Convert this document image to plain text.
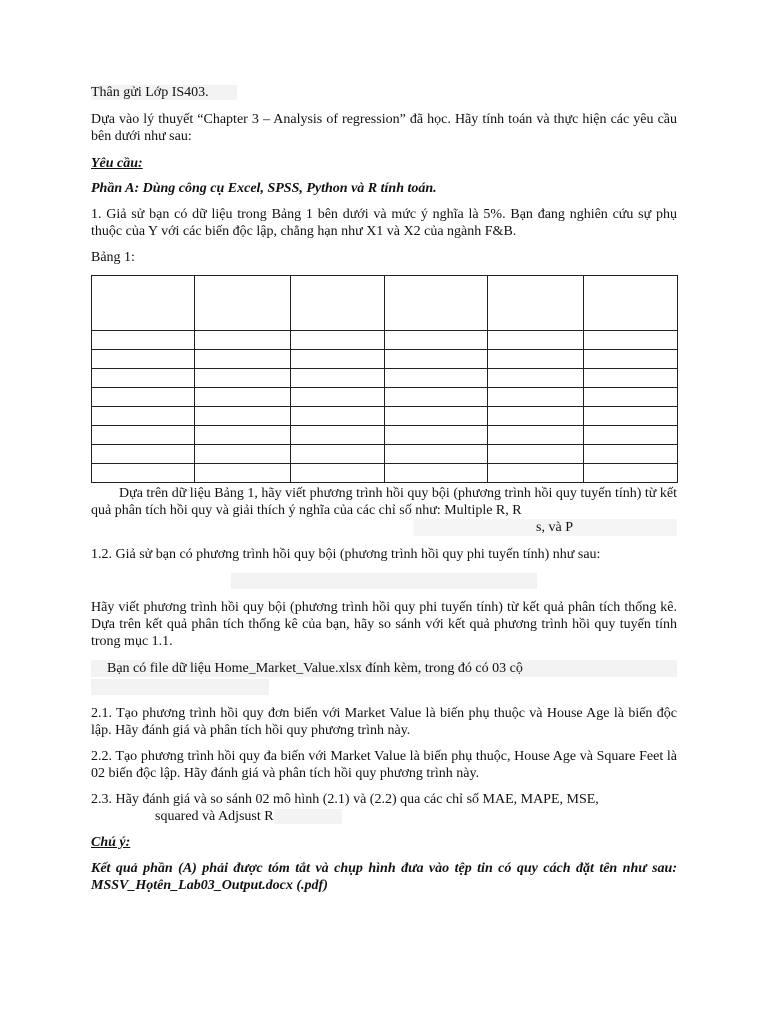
Thân gửi Lớp IS403.

Dựa vào lý thuyết “Chapter 3 – Analysis of regression” đã học. Hãy tính toán và thực hiện các yêu cầu bên dưới như sau:

Yêu cầu:

Phần A: Dùng công cụ Excel, SPSS, Python và R tính toán.

1. Giả sử bạn có dữ liệu trong Bảng 1 bên dưới và mức ý nghĩa là 5%. Bạn đang nghiên cứu sự phụ thuộc của Y với các biến độc lập, chẳng hạn như X1 và X2 của ngành F&B.

Bảng 1:

Dựa trên dữ liệu Bảng 1, hãy viết phương trình hồi quy bội (phương trình hồi quy tuyến tính) từ kết quả phân tích hồi quy và giải thích ý nghĩa của các chỉ số như: Multiple R, R
s, và P

1.2. Giả sử bạn có phương trình hồi quy bội (phương trình hồi quy phi tuyến tính) như sau:

Hãy viết phương trình hồi quy bội (phương trình hồi quy phi tuyến tính) từ kết quả phân tích thống kê. Dựa trên kết quả phân tích thống kê của bạn, hãy so sánh với kết quả phương trình hồi quy tuyến tính trong mục 1.1.

Bạn có file dữ liệu Home_Market_Value.xlsx đính kèm, trong đó có 03 cộ

2.1. Tạo phương trình hồi quy đơn biến với Market Value là biến phụ thuộc và House Age là biến độc lập. Hãy đánh giá và phân tích hồi quy phương trình này.

2.2. Tạo phương trình hồi quy đa biến với Market Value là biến phụ thuộc, House Age và Square Feet là 02 biến độc lập. Hãy đánh giá và phân tích hồi quy phương trình này.

2.3. Hãy đánh giá và so sánh 02 mô hình (2.1) và (2.2) qua các chỉ số MAE, MAPE, MSE,
squared và Adjsust R

Chú ý:

Kết quả phần (A) phải được tóm tắt và chụp hình đưa vào tệp tin có quy cách đặt tên như sau: MSSV_Họtên_Lab03_Output.docx (.pdf)
